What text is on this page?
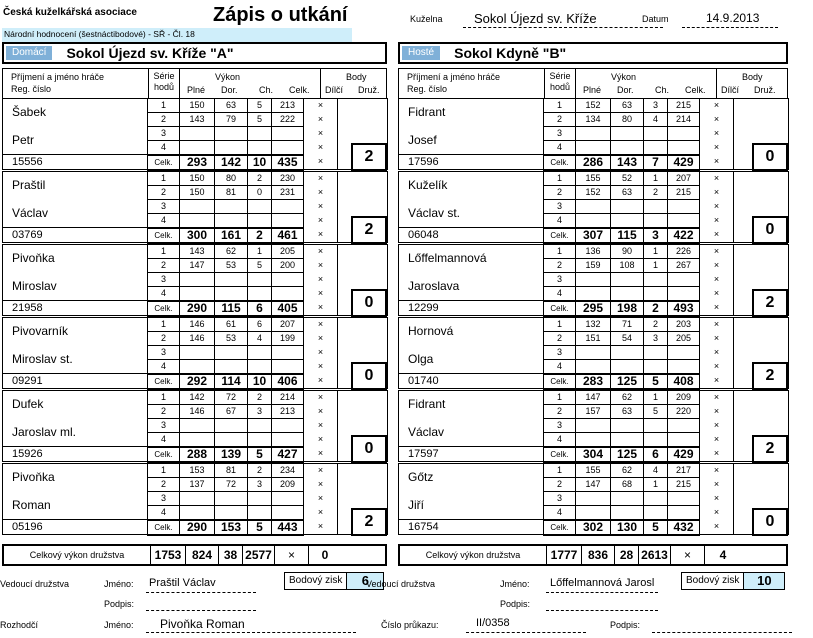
Česká kuželkářská asociace	Zápis o utkání	Kuželna Sokol Újezd sv. Kříže	Datum	14.9.2013
Národní hodnocení (šestnáctibodové) - SŘ - Čl. 18
Domácí	Sokol Újezd sv. Kříže "A"	Hosté	Sokol Kdyně "B"
Příjmení a jméno hráče
Reg. číslo
Série
hodů
Výkon
Plné Dor. Ch. Celk.
Body
Dílčí Druž.
Šabek	1	150	63	5	213	×	
	2	143	79	5	222	×	
Petr	3					×	
	4					×	
15556	Celk.	293	142	10	435	×		2
Praštil	1	150	80	2	230	×	
	2	150	81	0	231	×	
Václav	3					×	
	4					×	
03769	Celk.	300	161	2	461	×		2
Pivoňka	1	143	62	1	205	×	
	2	147	53	5	200	×	
Miroslav	3					×	
	4					×	
21958	Celk.	290	115	6	405	×		0
Pivovarník	1	146	61	6	207	×	
	2	146	53	4	199	×	
Miroslav st.	3					×	
	4					×	
09291	Celk.	292	114	10	406	×		0
Dufek	1	142	72	2	214	×	
	2	146	67	3	213	×	
Jaroslav ml.	3					×	
	4					×	
15926	Celk.	288	139	5	427	×		0
Pivoňka	1	153	81	2	234	×	
	2	137	72	3	209	×	
Roman	3					×	
	4					×	
05196	Celk.	290	153	5	443	×		2
Příjmení a jméno hráče
Reg. číslo
Série
hodů
Výkon
Plné Dor. Ch. Celk.
Body
Dílčí Druž.
Fidrant	1	152	63	3	215	×	
	2	134	80	4	214	×	
Josef	3					×	
	4					×	
17596	Celk.	286	143	7	429	×		0
Kuželík	1	155	52	1	207	×	
	2	152	63	2	215	×	
Václav st.	3					×	
	4					×	
06048	Celk.	307	115	3	422	×		0
Lőffelmannová	1	136	90	1	226	×	
	2	159	108	1	267	×	
Jaroslava	3					×	
	4					×	
12299	Celk.	295	198	2	493	×		2
Hornová	1	132	71	2	203	×	
	2	151	54	3	205	×	
Olga	3					×	
	4					×	
01740	Celk.	283	125	5	408	×		2
Fidrant	1	147	62	1	209	×	
	2	157	63	5	220	×	
Václav	3					×	
	4					×	
17597	Celk.	304	125	6	429	×		2
Gőtz	1	155	62	4	217	×	
	2	147	68	1	215	×	
Jiří	3					×	
	4					×	
16754	Celk.	302	130	5	432	×		0
Celkový výkon družstva	1753 824 38 2577	×	0	Celkový výkon družstva	1777 836 28 2613	×	4
Vedoucí družstva	Jméno: Praštil Václav	Bodový zisk	6
Vedoucí družstva	Jméno: Lőffelmannová Jarosl	Bodový zisk	10
Podpis:	Podpis:
Rozhodčí	Jméno: Pivoňka Roman	Číslo průkazu:	II/0358	Podpis:
